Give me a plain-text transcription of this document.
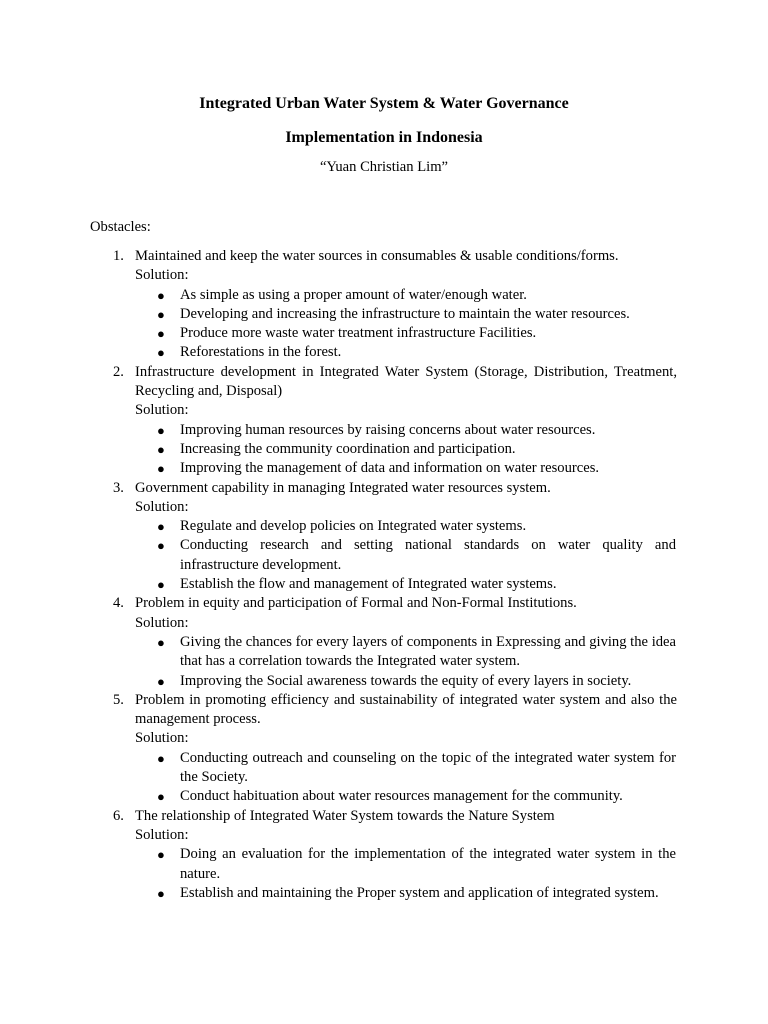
Integrated Urban Water System & Water Governance
Implementation in Indonesia
“Yuan Christian Lim”
Obstacles:
1. Maintained and keep the water sources in consumables & usable conditions/forms.
Solution:
● As simple as using a proper amount of water/enough water.
● Developing and increasing the infrastructure to maintain the water resources.
● Produce more waste water treatment infrastructure Facilities.
● Reforestations in the forest.
2. Infrastructure development in Integrated Water System (Storage, Distribution, Treatment, Recycling and, Disposal)
Solution:
● Improving human resources by raising concerns about water resources.
● Increasing the community coordination and participation.
● Improving the management of data and information on water resources.
3. Government capability in managing Integrated water resources system.
Solution:
● Regulate and develop policies on Integrated water systems.
● Conducting research and setting national standards on water quality and infrastructure development.
● Establish the flow and management of Integrated water systems.
4. Problem in equity and participation of Formal and Non-Formal Institutions.
Solution:
● Giving the chances for every layers of components in Expressing and giving the idea that has a correlation towards the Integrated water system.
● Improving the Social awareness towards the equity of every layers in society.
5. Problem in promoting efficiency and sustainability of integrated water system and also the management process.
Solution:
● Conducting outreach and counseling on the topic of the integrated water system for the Society.
● Conduct habituation about water resources management for the community.
6. The relationship of Integrated Water System towards the Nature System
Solution:
● Doing an evaluation for the implementation of the integrated water system in the nature.
● Establish and maintaining the Proper system and application of integrated system.
